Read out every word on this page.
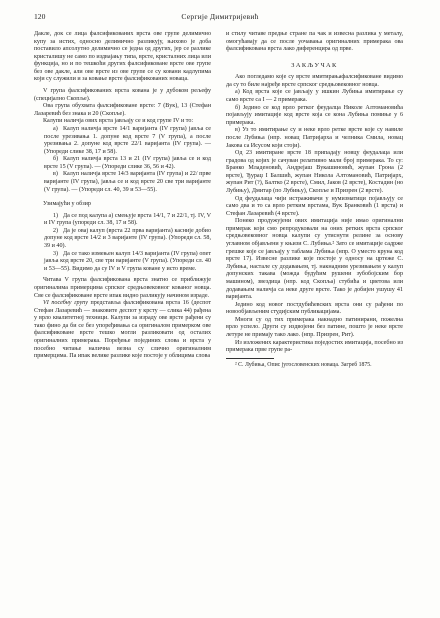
120	Сергије Димитријевић

Дакле, док се лица фалсификованих врста ове групе делимично купу за истих, односно делимично разликују, њихово је доба поставило апсолутно делимично се једна од других, јер се разлике кристалишу не само по издвајању типа, врсте, кристалних лица или функција, но и по тешкоћи других фалсификоване врсте ове групе без ове дакле, али ове врсте из ове групе се су ковани кадлупима који су служили и за ковање врсте фалсификованих новаца.

V група фалсификованих врста кована је у дубоком рељефу (специјално Скопље).

Ова група обухвата фалсификоване врсте: 7 (Вук), 13 (Стефан Лазаревић без знака и 20 (Скопље).

Калупи наличја ових врста јављају се и код групе IV и то:

а) Калуп наличја врсте 14/1 варијанта (IV група) јавља се после урезивања 1. допуне код врсте 7 (V група), а после урезивања 2. допуне код врсте 22/1 варијанта (IV група). — (Упореди слике 38, 17 и 58).

б) Калуп наличја врста 13 и 21 (IV група) јавља се и код врсте 15 (V група). — (Упореди слике 36, 56 и 42).

в) Калуп наличја врсте 14/3 варијанта (IV група) и 22/ прве варијанте (IV група), јавља се и код врсте 20 све три варијанте (V група). — (Упореди сл. 40, 39 и 53—55).

Узимајући у обзир

1) Да се под калупа а) смењује врста 14/1, 7 и 22/1, тј. IV, V и IV група (упореди сл. 38, 17 и 58).

2) Да је овај калуп (врста 22 прва варијанта) касније добио допуне код врсте 14/2 и 3 варијанте (IV група). (Упореди сл. 58, 39 и 40).

3) Да се тако измењен калуп 14/3 варијанта (IV група) опет јавља код врсте 20, све три варијанте (V група). (Упореди сл. 40 и 53—55). Видимо да су IV и V група коване у исто време.

Читава V група фалсификована врста знатно се приближује оригиналима примерцима српског средњовековног кованог новца. Све се фалсификоване врсте ипак видно разликују начином израде.

VI посебну групу представља фалсификована врста 16 (деспот Стефан Лазаревић — знаковите деспот у крсту — слика 44) рађена у врло квалитетној техници. Калупи за израду ове врсте рађени су тако фино да би се без упоређивања са оригиналом примерком ове фалсификоване врсте тешко могли разликовати од осталих оригиналних примерака. Поређење појединих слова и врста у посебно читање налична везна су слично оригиналним примерцима. Па ипак велике разлике које постоје у облицима слова

и стилу читаве предње стране па чак и извесна разлика у металу, омогућавају да се после уочавања оригиналних примерака ова фалсификована врста лако диференцира од прве.

ЗАКЉУЧАК

Ако погледамо које су врсте имитирањафалсификоване видимо да су то биле најређе врсте српског средњовековног новца.

а) Код врста које се јављају у ишкин Лубиња имитирање су само врсте са I — 2 примерака.

б) Једино се код врло ретког феудалца Николе Алтомановића појављују имитације код врсте која се кона Лубиња помиње у 6 примерака.

в) Уз то имитирање су и неке врло ретке врсте које су навиле после Лубиња (нпр. новац Патријарха и челника Смила, новац Јакова са Исусом који стоји).

Од 23 имитиране врсте 18 припадају новцу феудалаца или градова од којих је сачуван релативно мали број примерака. То су: Бранко Младеновић, Андрејаш Вукашиновић, жупан Грона (2 врсте), Ђураџ I Балшић, жупан Никола Алтомановић, Патријарх, жупан Рит (?), Балтко (2 врсте), Смил, Јаков (2 врсте), Костадин (но Лубињу), Дмитар (по Лубињу), Скопље и Призрен (2 врсте).

Од феудалаца чији истраживачи у нумизматици појављују се само два и то са врло ретким врстама, Вук Бранковић (1 врста) и Стефан Лазаревић (4 врсте).

Понеко продужујени ових имитација није имао оригинални примерак који смо репродуковали на оних ретких врста српског средњовековног новца калупи су утиснути релине за основу углавном објављени у књизи С. Лубиња.² Зато се имитације садрже грешке које се јављају у таблама Лубиња (нпр. О уместо круна код врсте 17). Извесне разлике које постоје у односу на цртеже С. Лубиња, настале су додавањем, тј. накнадним урезивањем у калуп допунских такава (можда будућим рушени зубобојским бор машином), звездица (нпр. код Скопља) стубића и цветова или додавањем наличја са неке друге врсте. Тако је добијен ушушу 41 варијанта.

Једино код новог постдубићевских врста они су рађени по новообјављеним студијским публикацијама.

Многи су од тих примерака накнадно патинирани, пожелна врло успело. Други су издвојени без патине, пошто је неке врсте летуре не примају тако лако. (нпр. Призрен, Рит).

Из изложених карактеристика поједостих имитација, посебно из примерака прве групе ра-

² С. Лубиња, Опис југословенских новаца. Загреб 1875.
